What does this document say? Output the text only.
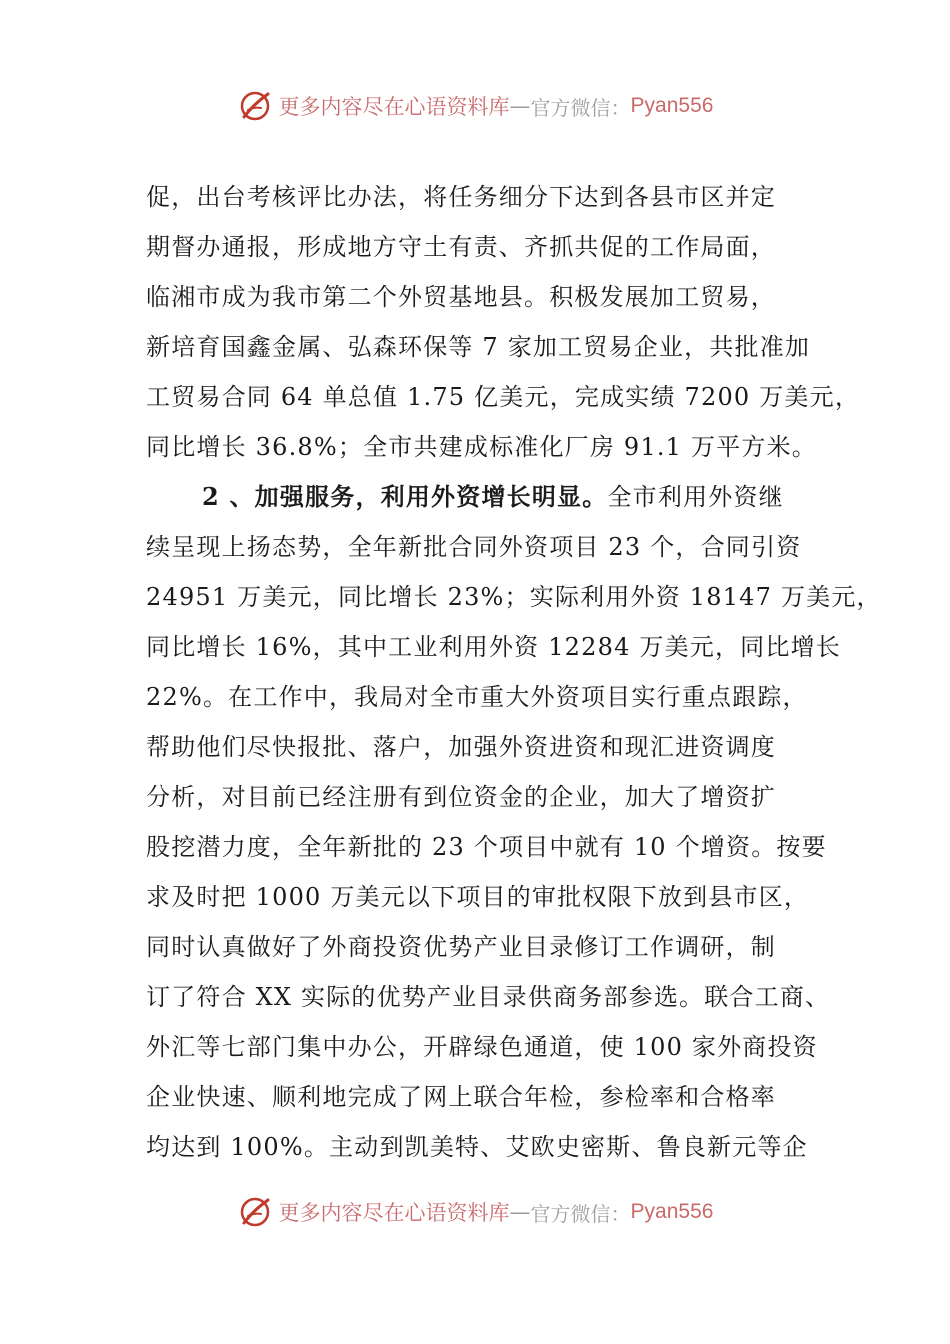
更多内容尽在心语资料库 — 官方微信： Pyan556
促，出台考核评比办法，将任务细分下达到各县市区并定
期督办通报，形成地方守土有责、齐抓共促的工作局面，
临湘市成为我市第二个外贸基地县。积极发展加工贸易，
新培育国鑫金属、弘森环保等 7 家加工贸易企业，共批准加
工贸易合同 64 单总值 1.75 亿美元，完成实绩 7200 万美元，
同比增长 36.8%；全市共建成标准化厂房 91.1 万平方米。
2 、加强服务，利用外资增长明显。全市利用外资继
续呈现上扬态势，全年新批合同外资项目 23 个，合同引资
24951 万美元，同比增长 23%；实际利用外资 18147 万美元，
同比增长 16%，其中工业利用外资 12284 万美元，同比增长
22%。在工作中，我局对全市重大外资项目实行重点跟踪，
帮助他们尽快报批、落户，加强外资进资和现汇进资调度
分析，对目前已经注册有到位资金的企业，加大了增资扩
股挖潜力度，全年新批的 23 个项目中就有 10 个增资。按要
求及时把 1000 万美元以下项目的审批权限下放到县市区，
同时认真做好了外商投资优势产业目录修订工作调研，制
订了符合 XX 实际的优势产业目录供商务部参选。联合工商、
外汇等七部门集中办公，开辟绿色通道，使 100 家外商投资
企业快速、顺利地完成了网上联合年检，参检率和合格率
均达到 100%。主动到凯美特、艾欧史密斯、鲁良新元等企
更多内容尽在心语资料库 — 官方微信： Pyan556
